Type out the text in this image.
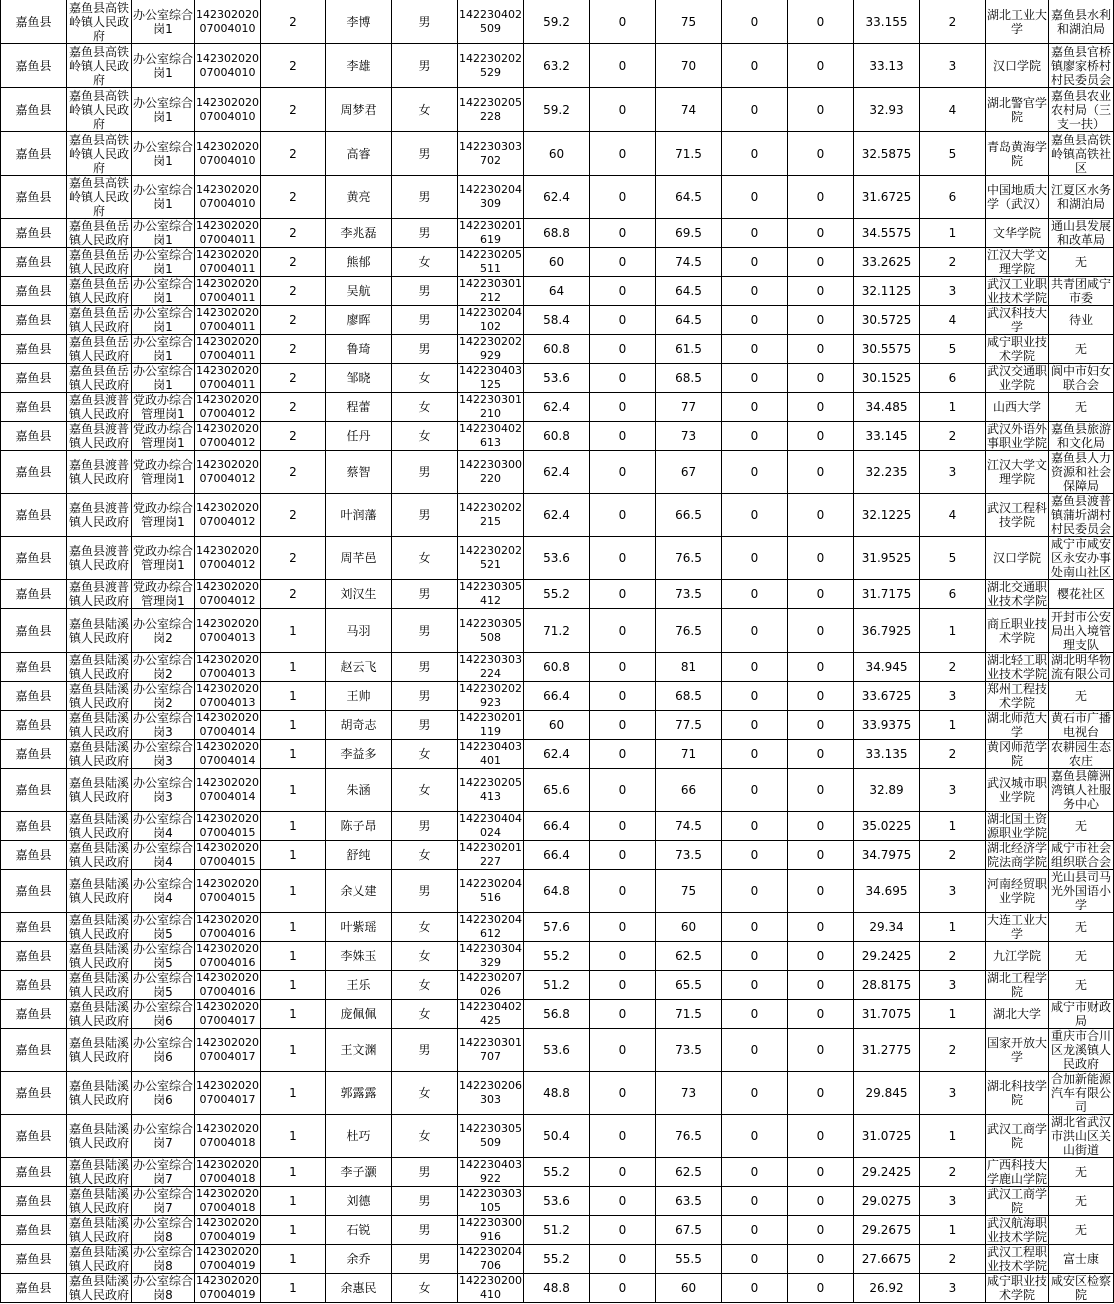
嘉鱼县	嘉鱼县高铁岭镇人民政府	办公室综合岗1	14230202007004010	2	李博	男	142230402509	59.2	0	75	0	0	33.155	2	湖北工业大学	嘉鱼县水利和湖泊局
嘉鱼县	嘉鱼县高铁岭镇人民政府	办公室综合岗1	14230202007004010	2	李雄	男	142230202529	63.2	0	70	0	0	33.13	3	汉口学院	嘉鱼县官桥镇廖家桥村村民委员会
嘉鱼县	嘉鱼县高铁岭镇人民政府	办公室综合岗1	14230202007004010	2	周梦君	女	142230205228	59.2	0	74	0	0	32.93	4	湖北警官学院	嘉鱼县农业农村局（三支一扶）
嘉鱼县	嘉鱼县高铁岭镇人民政府	办公室综合岗1	14230202007004010	2	高睿	男	142230303702	60	0	71.5	0	0	32.5875	5	青岛黄海学院	嘉鱼县高铁岭镇高铁社区
嘉鱼县	嘉鱼县高铁岭镇人民政府	办公室综合岗1	14230202007004010	2	黄亮	男	142230204309	62.4	0	64.5	0	0	31.6725	6	中国地质大学（武汉）	江夏区水务和湖泊局
嘉鱼县	嘉鱼县鱼岳镇人民政府	办公室综合岗1	14230202007004011	2	李兆磊	男	142230201619	68.8	0	69.5	0	0	34.5575	1	文华学院	通山县发展和改革局
嘉鱼县	嘉鱼县鱼岳镇人民政府	办公室综合岗1	14230202007004011	2	熊郁	女	142230205511	60	0	74.5	0	0	33.2625	2	江汉大学文理学院	无
嘉鱼县	嘉鱼县鱼岳镇人民政府	办公室综合岗1	14230202007004011	2	吴航	男	142230301212	64	0	64.5	0	0	32.1125	3	武汉工业职业技术学院	共青团咸宁市委
嘉鱼县	嘉鱼县鱼岳镇人民政府	办公室综合岗1	14230202007004011	2	廖晖	男	142230204102	58.4	0	64.5	0	0	30.5725	4	武汉科技大学	待业
嘉鱼县	嘉鱼县鱼岳镇人民政府	办公室综合岗1	14230202007004011	2	鲁琦	男	142230202929	60.8	0	61.5	0	0	30.5575	5	咸宁职业技术学院	无
嘉鱼县	嘉鱼县鱼岳镇人民政府	办公室综合岗1	14230202007004011	2	邹晓	女	142230403125	53.6	0	68.5	0	0	30.1525	6	武汉交通职业学院	阆中市妇女联合会
嘉鱼县	嘉鱼县渡普镇人民政府	党政办综合管理岗1	14230202007004012	2	程蕾	女	142230301210	62.4	0	77	0	0	34.485	1	山西大学	无
嘉鱼县	嘉鱼县渡普镇人民政府	党政办综合管理岗1	14230202007004012	2	任丹	女	142230402613	60.8	0	73	0	0	33.145	2	武汉外语外事职业学院	嘉鱼县旅游和文化局
嘉鱼县	嘉鱼县渡普镇人民政府	党政办综合管理岗1	14230202007004012	2	蔡智	男	142230300220	62.4	0	67	0	0	32.235	3	江汉大学文理学院	嘉鱼县人力资源和社会保障局
嘉鱼县	嘉鱼县渡普镇人民政府	党政办综合管理岗1	14230202007004012	2	叶润藩	男	142230202215	62.4	0	66.5	0	0	32.1225	4	武汉工程科技学院	嘉鱼县渡普镇蒲圻湖村村民委员会
嘉鱼县	嘉鱼县渡普镇人民政府	党政办综合管理岗1	14230202007004012	2	周芊邑	女	142230202521	53.6	0	76.5	0	0	31.9525	5	汉口学院	咸宁市咸安区永安办事处南山社区
嘉鱼县	嘉鱼县渡普镇人民政府	党政办综合管理岗1	14230202007004012	2	刘汉生	男	142230305412	55.2	0	73.5	0	0	31.7175	6	湖北交通职业技术学院	樱花社区
嘉鱼县	嘉鱼县陆溪镇人民政府	办公室综合岗2	14230202007004013	1	马羽	男	142230305508	71.2	0	76.5	0	0	36.7925	1	商丘职业技术学院	开封市公安局出入境管理支队
嘉鱼县	嘉鱼县陆溪镇人民政府	办公室综合岗2	14230202007004013	1	赵云飞	男	142230303224	60.8	0	81	0	0	34.945	2	湖北轻工职业技术学院	湖北明华物流有限公司
嘉鱼县	嘉鱼县陆溪镇人民政府	办公室综合岗2	14230202007004013	1	王帅	男	142230202923	66.4	0	68.5	0	0	33.6725	3	郑州工程技术学院	无
嘉鱼县	嘉鱼县陆溪镇人民政府	办公室综合岗3	14230202007004014	1	胡奇志	男	142230201119	60	0	77.5	0	0	33.9375	1	湖北师范大学	黄石市广播电视台
嘉鱼县	嘉鱼县陆溪镇人民政府	办公室综合岗3	14230202007004014	1	李益多	女	142230403401	62.4	0	71	0	0	33.135	2	黄冈师范学院	农耕园生态农庄
嘉鱼县	嘉鱼县陆溪镇人民政府	办公室综合岗3	14230202007004014	1	朱涵	女	142230205413	65.6	0	66	0	0	32.89	3	武汉城市职业学院	嘉鱼县簰洲湾镇人社服务中心
嘉鱼县	嘉鱼县陆溪镇人民政府	办公室综合岗4	14230202007004015	1	陈子昂	男	142230404024	66.4	0	74.5	0	0	35.0225	1	湖北国土资源职业学院	无
嘉鱼县	嘉鱼县陆溪镇人民政府	办公室综合岗4	14230202007004015	1	舒纯	女	142230201227	66.4	0	73.5	0	0	34.7975	2	湖北经济学院法商学院	咸宁市社会组织联合会
嘉鱼县	嘉鱼县陆溪镇人民政府	办公室综合岗4	14230202007004015	1	余乂建	男	142230204516	64.8	0	75	0	0	34.695	3	河南经贸职业学院	光山县司马光外国语小学
嘉鱼县	嘉鱼县陆溪镇人民政府	办公室综合岗5	14230202007004016	1	叶紫瑶	女	142230204612	57.6	0	60	0	0	29.34	1	大连工业大学	无
嘉鱼县	嘉鱼县陆溪镇人民政府	办公室综合岗5	14230202007004016	1	李姝玉	女	142230304329	55.2	0	62.5	0	0	29.2425	2	九江学院	无
嘉鱼县	嘉鱼县陆溪镇人民政府	办公室综合岗5	14230202007004016	1	王乐	女	142230207026	51.2	0	65.5	0	0	28.8175	3	湖北工程学院	无
嘉鱼县	嘉鱼县陆溪镇人民政府	办公室综合岗6	14230202007004017	1	庞佩佩	女	142230402425	56.8	0	71.5	0	0	31.7075	1	湖北大学	咸宁市财政局
嘉鱼县	嘉鱼县陆溪镇人民政府	办公室综合岗6	14230202007004017	1	王文渊	男	142230301707	53.6	0	73.5	0	0	31.2775	2	国家开放大学	重庆市合川区龙溪镇人民政府
嘉鱼县	嘉鱼县陆溪镇人民政府	办公室综合岗6	14230202007004017	1	郭露露	女	142230206303	48.8	0	73	0	0	29.845	3	湖北科技学院	合加新能源汽车有限公司
嘉鱼县	嘉鱼县陆溪镇人民政府	办公室综合岗7	14230202007004018	1	杜巧	女	142230305509	50.4	0	76.5	0	0	31.0725	1	武汉工商学院	湖北省武汉市洪山区关山街道
嘉鱼县	嘉鱼县陆溪镇人民政府	办公室综合岗7	14230202007004018	1	李子灏	男	142230403922	55.2	0	62.5	0	0	29.2425	2	广西科技大学鹿山学院	无
嘉鱼县	嘉鱼县陆溪镇人民政府	办公室综合岗7	14230202007004018	1	刘德	男	142230303105	53.6	0	63.5	0	0	29.0275	3	武汉工商学院	无
嘉鱼县	嘉鱼县陆溪镇人民政府	办公室综合岗8	14230202007004019	1	石锐	男	142230300916	51.2	0	67.5	0	0	29.2675	1	武汉航海职业技术学院	无
嘉鱼县	嘉鱼县陆溪镇人民政府	办公室综合岗8	14230202007004019	1	余乔	男	142230204706	55.2	0	55.5	0	0	27.6675	2	武汉工程职业技术学院	富士康
嘉鱼县	嘉鱼县陆溪镇人民政府	办公室综合岗8	14230202007004019	1	余惠民	女	142230200410	48.8	0	60	0	0	26.92	3	咸宁职业技术学院	咸安区检察院
